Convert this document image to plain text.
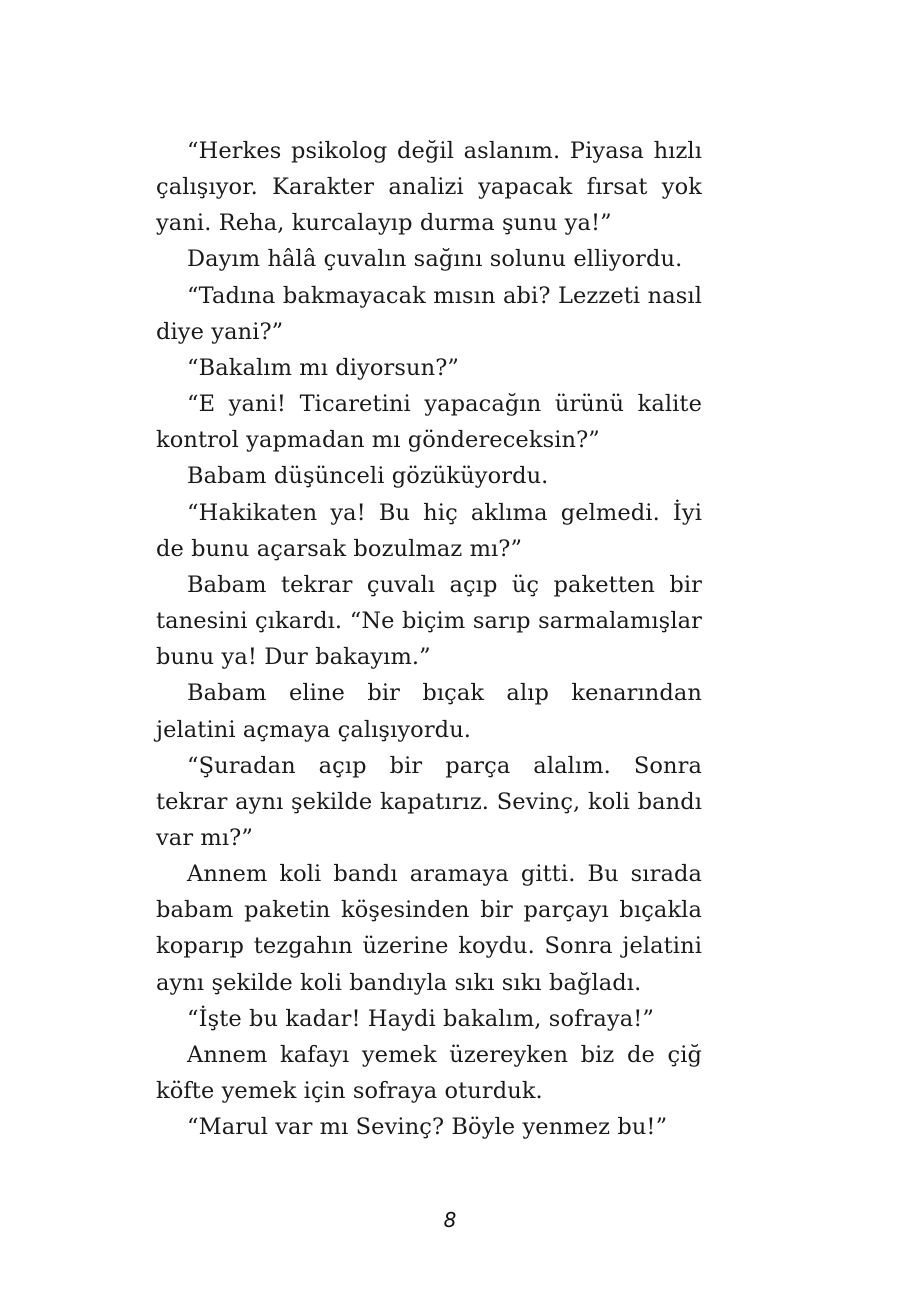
“Herkes psikolog değil aslanım. Piyasa hızlı çalışıyor. Karakter analizi yapacak fırsat yok yani. Reha, kurcalayıp durma şunu ya!”

Dayım hâlâ çuvalın sağını solunu elliyordu.

“Tadına bakmayacak mısın abi? Lezzeti nasıl diye yani?”

“Bakalım mı diyorsun?”

“E yani! Ticaretini yapacağın ürünü kalite kontrol yapmadan mı göndereceksin?”

Babam düşünceli gözüküyordu.

“Hakikaten ya! Bu hiç aklıma gelmedi. İyi de bunu açarsak bozulmaz mı?”

Babam tekrar çuvalı açıp üç paketten bir tanesini çıkardı. “Ne biçim sarıp sarmalamışlar bunu ya! Dur bakayım.”

Babam eline bir bıçak alıp kenarından jelatini açmaya çalışıyordu.

“Şuradan açıp bir parça alalım. Sonra tekrar aynı şekilde kapatırız. Sevinç, koli bandı var mı?”

Annem koli bandı aramaya gitti. Bu sırada babam paketin köşesinden bir parçayı bıçakla koparıp tezgahın üzerine koydu. Sonra jelatini aynı şekilde koli bandıyla sıkı sıkı bağladı.

“İşte bu kadar! Haydi bakalım, sofraya!”

Annem kafayı yemek üzereyken biz de çiğ köfte yemek için sofraya oturduk.

“Marul var mı Sevinç? Böyle yenmez bu!”

8
